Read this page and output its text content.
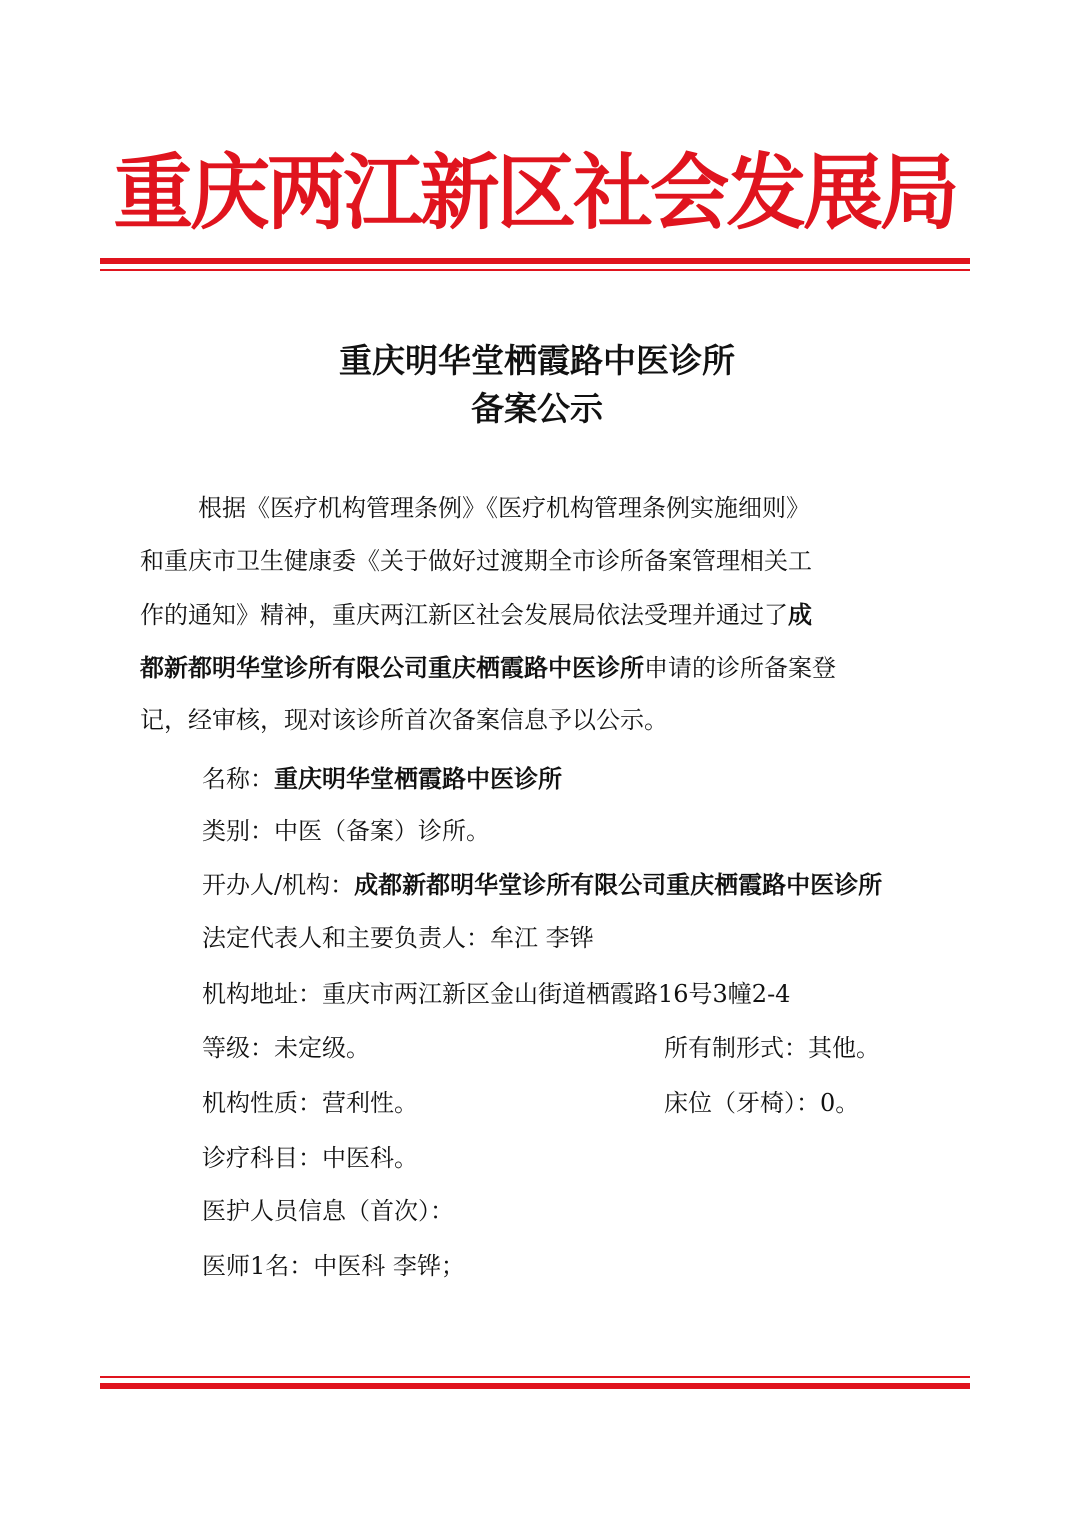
重庆两江新区社会发展局
重庆明华堂栖霞路中医诊所
备案公示
根据《医疗机构管理条例》《医疗机构管理条例实施细则》
和重庆市卫生健康委《关于做好过渡期全市诊所备案管理相关工
作的通知》精神，重庆两江新区社会发展局依法受理并通过了成
都新都明华堂诊所有限公司重庆栖霞路中医诊所申请的诊所备案登
记，经审核，现对该诊所首次备案信息予以公示。
名称：重庆明华堂栖霞路中医诊所
类别：中医（备案）诊所。
开办人/机构：成都新都明华堂诊所有限公司重庆栖霞路中医诊所
法定代表人和主要负责人：牟江 李铧
机构地址：重庆市两江新区金山街道栖霞路16号3幢2-4
等级：未定级。	所有制形式：其他。
机构性质：营利性。	床位（牙椅）：0。
诊疗科目：中医科。
医护人员信息（首次）：
医师1名：中医科 李铧；
